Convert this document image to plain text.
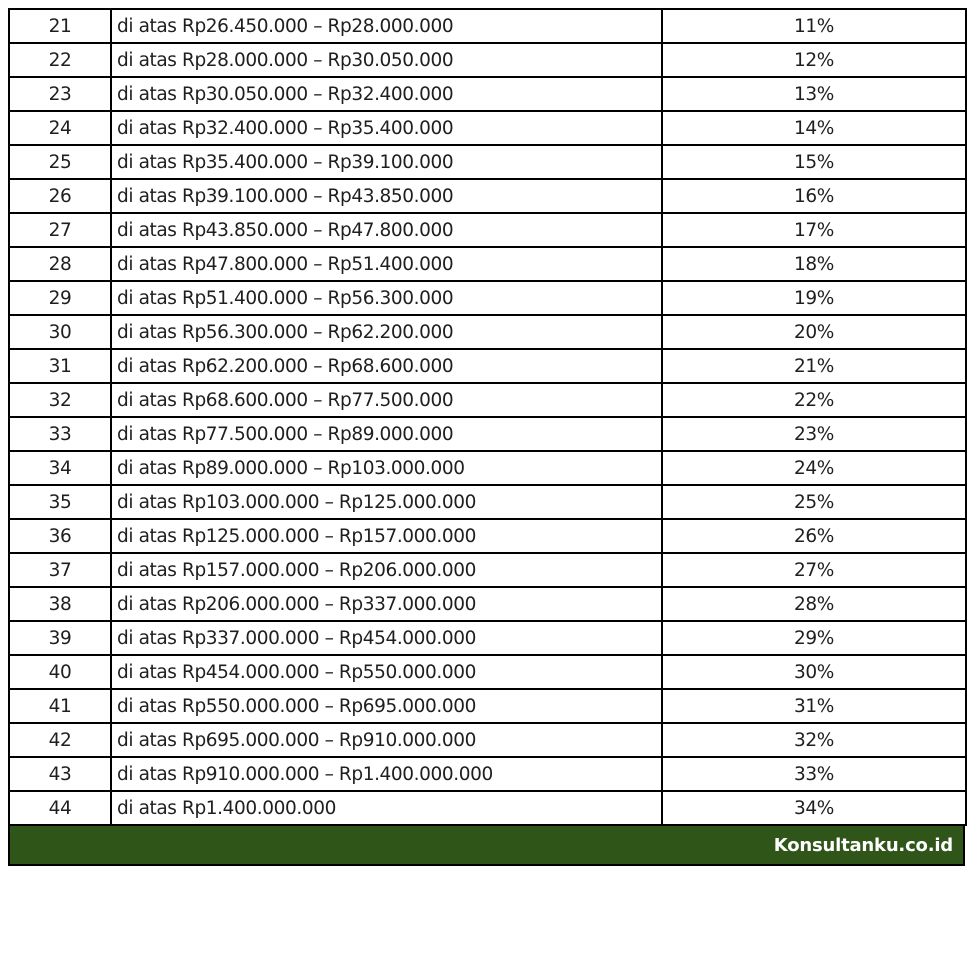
21	di atas Rp26.450.000 – Rp28.000.000	11%
22	di atas Rp28.000.000 – Rp30.050.000	12%
23	di atas Rp30.050.000 – Rp32.400.000	13%
24	di atas Rp32.400.000 – Rp35.400.000	14%
25	di atas Rp35.400.000 – Rp39.100.000	15%
26	di atas Rp39.100.000 – Rp43.850.000	16%
27	di atas Rp43.850.000 – Rp47.800.000	17%
28	di atas Rp47.800.000 – Rp51.400.000	18%
29	di atas Rp51.400.000 – Rp56.300.000	19%
30	di atas Rp56.300.000 – Rp62.200.000	20%
31	di atas Rp62.200.000 – Rp68.600.000	21%
32	di atas Rp68.600.000 – Rp77.500.000	22%
33	di atas Rp77.500.000 – Rp89.000.000	23%
34	di atas Rp89.000.000 – Rp103.000.000	24%
35	di atas Rp103.000.000 – Rp125.000.000	25%
36	di atas Rp125.000.000 – Rp157.000.000	26%
37	di atas Rp157.000.000 – Rp206.000.000	27%
38	di atas Rp206.000.000 – Rp337.000.000	28%
39	di atas Rp337.000.000 – Rp454.000.000	29%
40	di atas Rp454.000.000 – Rp550.000.000	30%
41	di atas Rp550.000.000 – Rp695.000.000	31%
42	di atas Rp695.000.000 – Rp910.000.000	32%
43	di atas Rp910.000.000 – Rp1.400.000.000	33%
44	di atas Rp1.400.000.000	34%
Konsultanku.co.id
